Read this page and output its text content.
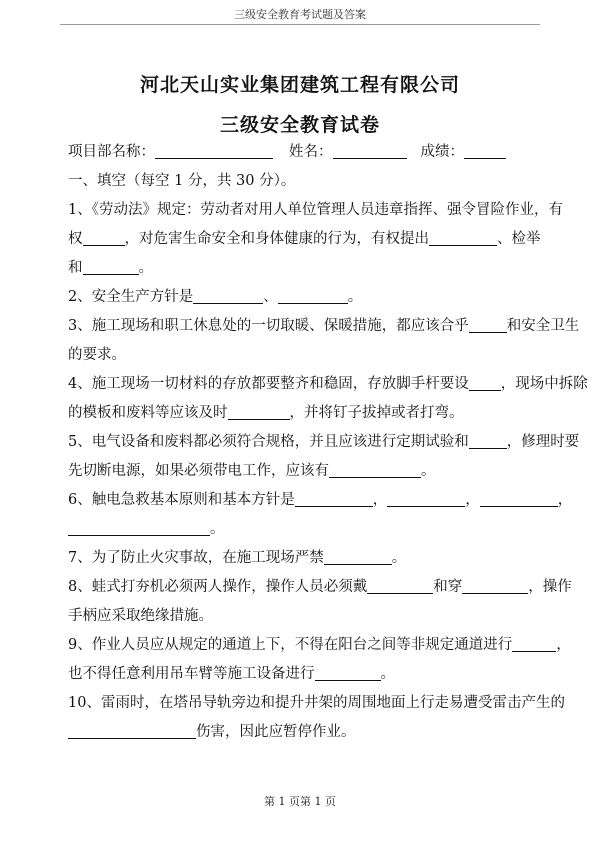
三级安全教育考试题及答案
河北天山实业集团建筑工程有限公司
三级安全教育试卷
项目部名称：	姓名：	成绩：
一、填空（每空 1 分，共 30 分）。
1、《劳动法》规定：劳动者对用人单位管理人员违章指挥、强令冒险作业，有
权	，对危害生命安全和身体健康的行为，有权提出	、检举
和	。
2、安全生产方针是	、	。
3、施工现场和职工休息处的一切取暖、保暖措施，都应该合乎	和安全卫生
的要求。
4、施工现场一切材料的存放都要整齐和稳固，存放脚手杆要设 ，现场中拆除
的模板和废料等应该及时	，并将钉子拔掉或者打弯。
5、电气设备和废料都必须符合规格，并且应该进行定期试验和	，修理时要
先切断电源，如果必须带电工作，应该有	。
6、触电急救基本原则和基本方针是	，	，	，
。
7、为了防止火灾事故，在施工现场严禁	。
8、蛙式打夯机必须两人操作，操作人员必须戴	和穿	，操作
手柄应采取绝缘措施。
9、作业人员应从规定的通道上下，不得在阳台之间等非规定通道进行	，
也不得任意利用吊车臂等施工设备进行	。
10、雷雨时，在塔吊导轨旁边和提升井架的周围地面上行走易遭受雷击产生的
伤害，因此应暂停作业。
第 1 页第 1 页
